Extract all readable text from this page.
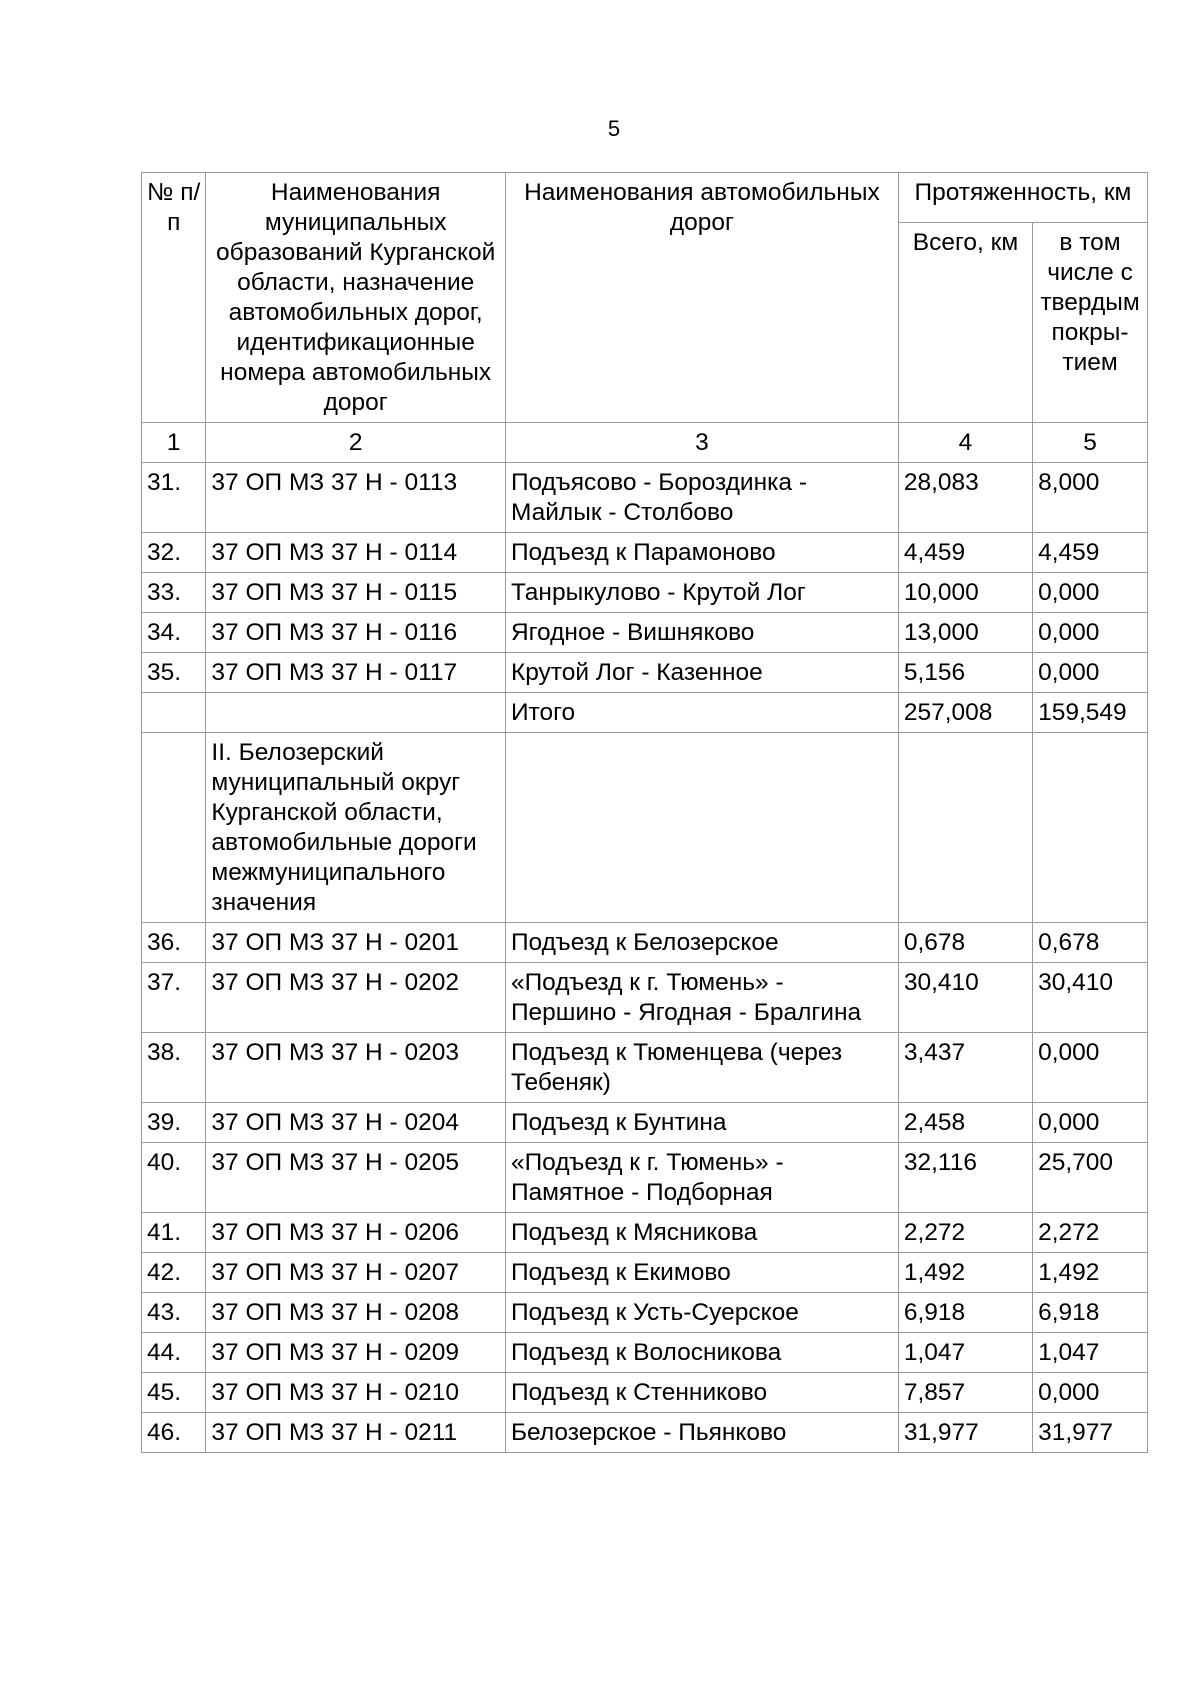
5
№ п/п	Наименования муниципальных образований Курганской области, назначение автомобильных дорог, идентификационные номера автомобильных дорог	Наименования автомобильных дорог	Протяженность, км	
			Всего, км	в том числе с твердым покры-тием
1	2	3	4	5
31.	37 ОП МЗ 37 Н - 0113	Подъясово - Бороздинка - Майлык - Столбово	28,083	8,000
32.	37 ОП МЗ 37 Н - 0114	Подъезд к Парамоново	4,459	4,459
33.	37 ОП МЗ 37 Н - 0115	Танрыкулово - Крутой Лог	10,000	0,000
34.	37 ОП МЗ 37 Н - 0116	Ягодное - Вишняково	13,000	0,000
35.	37 ОП МЗ 37 Н - 0117	Крутой Лог - Казенное	5,156	0,000
		Итого	257,008	159,549
	II. Белозерский муниципальный округ Курганской области, автомобильные дороги межмуниципального значения			
36.	37 ОП МЗ 37 Н - 0201	Подъезд к Белозерское	0,678	0,678
37.	37 ОП МЗ 37 Н - 0202	«Подъезд к г. Тюмень» - Першино - Ягодная - Бралгина	30,410	30,410
38.	37 ОП МЗ 37 Н - 0203	Подъезд к Тюменцева (через Тебеняк)	3,437	0,000
39.	37 ОП МЗ 37 Н - 0204	Подъезд к Бунтина	2,458	0,000
40.	37 ОП МЗ 37 Н - 0205	«Подъезд к г. Тюмень» - Памятное - Подборная	32,116	25,700
41.	37 ОП МЗ 37 Н - 0206	Подъезд к Мясникова	2,272	2,272
42.	37 ОП МЗ 37 Н - 0207	Подъезд к Екимово	1,492	1,492
43.	37 ОП МЗ 37 Н - 0208	Подъезд к Усть-Суерское	6,918	6,918
44.	37 ОП МЗ 37 Н - 0209	Подъезд к Волосникова	1,047	1,047
45.	37 ОП МЗ 37 Н - 0210	Подъезд к Стенниково	7,857	0,000
46.	37 ОП МЗ 37 Н - 0211	Белозерское - Пьянково	31,977	31,977
